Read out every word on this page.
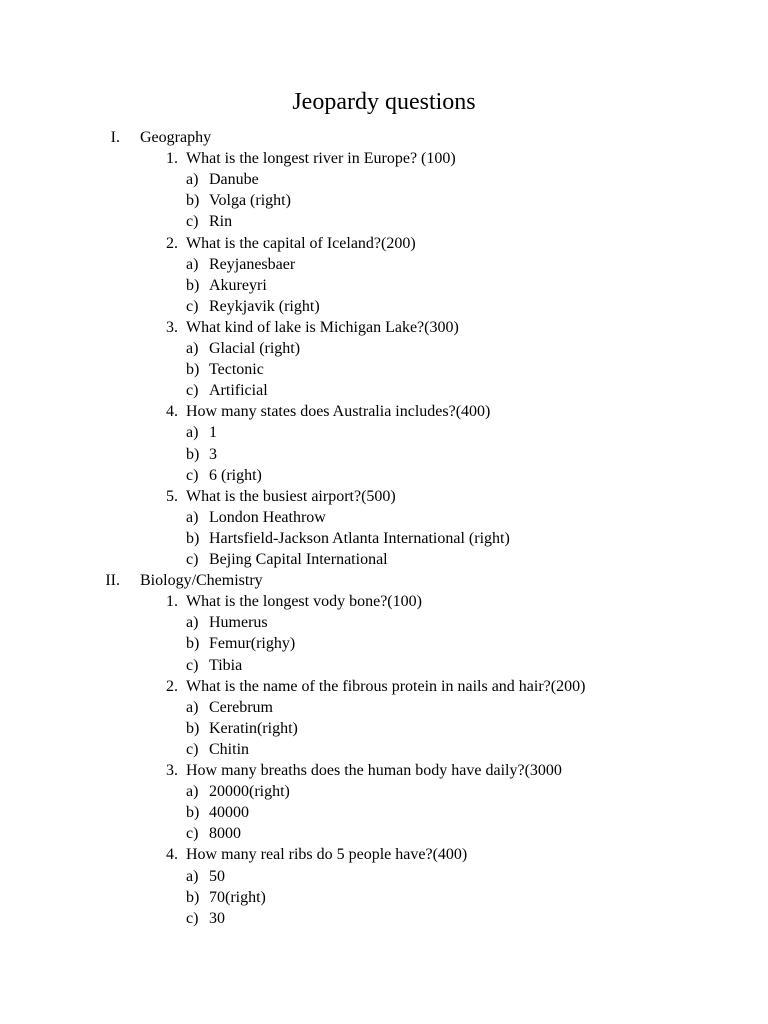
Jeopardy questions
I. Geography
1. What is the longest river in Europe? (100)
a) Danube
b) Volga (right)
c) Rin
2. What is the capital of Iceland?(200)
a) Reyjanesbaer
b) Akureyri
c) Reykjavik (right)
3. What kind of lake is Michigan Lake?(300)
a) Glacial (right)
b) Tectonic
c) Artificial
4. How many states does Australia includes?(400)
a) 1
b) 3
c) 6 (right)
5. What is the busiest airport?(500)
a) London Heathrow
b) Hartsfield-Jackson Atlanta International (right)
c) Bejing Capital International
II. Biology/Chemistry
1. What is the longest vody bone?(100)
a) Humerus
b) Femur(righy)
c) Tibia
2. What is the name of the fibrous protein in nails and hair?(200)
a) Cerebrum
b) Keratin(right)
c) Chitin
3. How many breaths does the human body have daily?(3000
a) 20000(right)
b) 40000
c) 8000
4. How many real ribs do 5 people have?(400)
a) 50
b) 70(right)
c) 30
